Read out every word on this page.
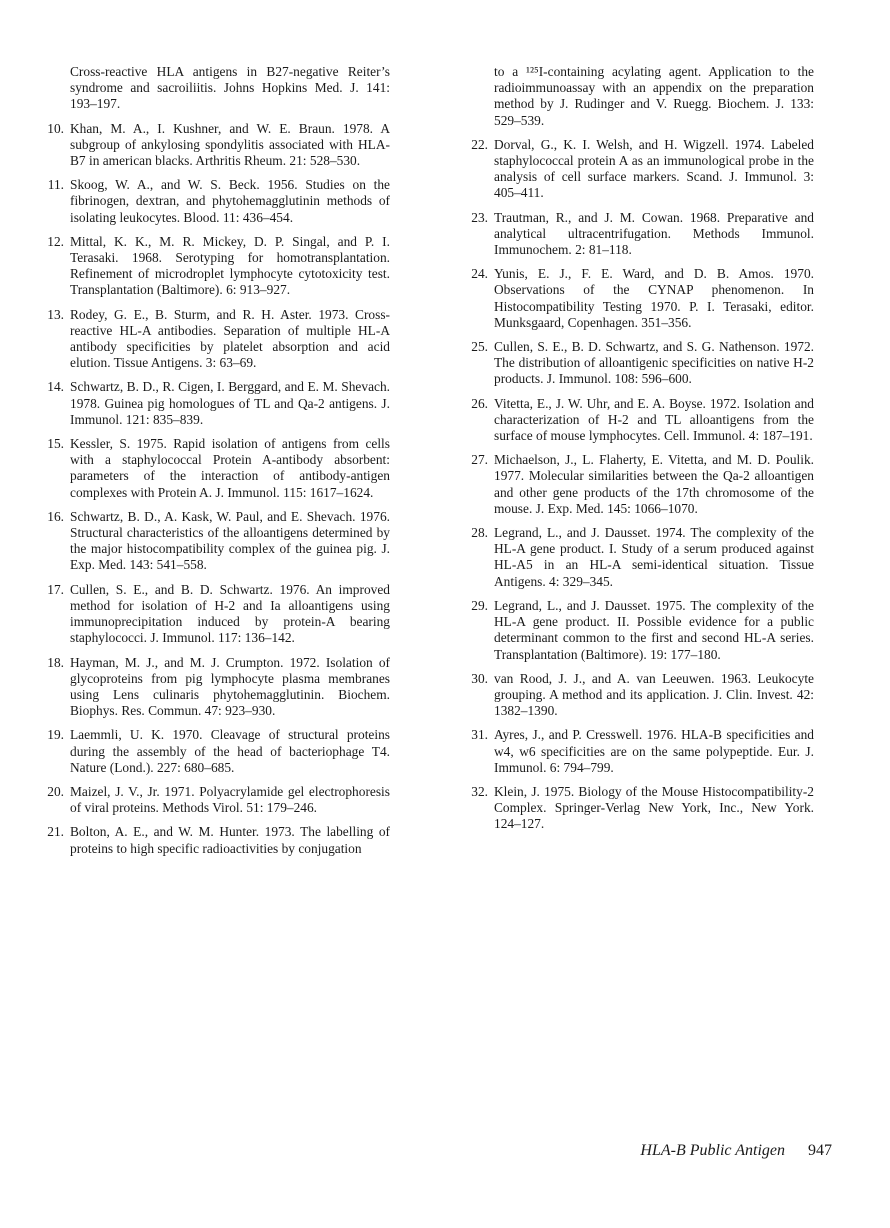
Cross-reactive HLA antigens in B27-negative Reiter’s syndrome and sacroiliitis. Johns Hopkins Med. J. 141: 193–197.
10. Khan, M. A., I. Kushner, and W. E. Braun. 1978. A subgroup of ankylosing spondylitis associated with HLA-B7 in american blacks. Arthritis Rheum. 21: 528–530.
11. Skoog, W. A., and W. S. Beck. 1956. Studies on the fibrinogen, dextran, and phytohemagglutinin methods of isolating leukocytes. Blood. 11: 436–454.
12. Mittal, K. K., M. R. Mickey, D. P. Singal, and P. I. Terasaki. 1968. Serotyping for homotransplantation. Refinement of microdroplet lymphocyte cytotoxicity test. Transplantation (Baltimore). 6: 913–927.
13. Rodey, G. E., B. Sturm, and R. H. Aster. 1973. Cross-reactive HL-A antibodies. Separation of multiple HL-A antibody specificities by platelet absorption and acid elution. Tissue Antigens. 3: 63–69.
14. Schwartz, B. D., R. Cigen, I. Berggard, and E. M. Shevach. 1978. Guinea pig homologues of TL and Qa-2 antigens. J. Immunol. 121: 835–839.
15. Kessler, S. 1975. Rapid isolation of antigens from cells with a staphylococcal Protein A-antibody absorbent: parameters of the interaction of antibody-antigen complexes with Protein A. J. Immunol. 115: 1617–1624.
16. Schwartz, B. D., A. Kask, W. Paul, and E. Shevach. 1976. Structural characteristics of the alloantigens determined by the major histocompatibility complex of the guinea pig. J. Exp. Med. 143: 541–558.
17. Cullen, S. E., and B. D. Schwartz. 1976. An improved method for isolation of H-2 and Ia alloantigens using immunoprecipitation induced by protein-A bearing staphylococci. J. Immunol. 117: 136–142.
18. Hayman, M. J., and M. J. Crumpton. 1972. Isolation of glycoproteins from pig lymphocyte plasma membranes using Lens culinaris phytohemagglutinin. Biochem. Biophys. Res. Commun. 47: 923–930.
19. Laemmli, U. K. 1970. Cleavage of structural proteins during the assembly of the head of bacteriophage T4. Nature (Lond.). 227: 680–685.
20. Maizel, J. V., Jr. 1971. Polyacrylamide gel electrophoresis of viral proteins. Methods Virol. 51: 179–246.
21. Bolton, A. E., and W. M. Hunter. 1973. The labelling of proteins to high specific radioactivities by conjugation
to a ¹²⁵I-containing acylating agent. Application to the radioimmunoassay with an appendix on the preparation method by J. Rudinger and V. Ruegg. Biochem. J. 133: 529–539.
22. Dorval, G., K. I. Welsh, and H. Wigzell. 1974. Labeled staphylococcal protein A as an immunological probe in the analysis of cell surface markers. Scand. J. Immunol. 3: 405–411.
23. Trautman, R., and J. M. Cowan. 1968. Preparative and analytical ultracentrifugation. Methods Immunol. Immunochem. 2: 81–118.
24. Yunis, E. J., F. E. Ward, and D. B. Amos. 1970. Observations of the CYNAP phenomenon. In Histocompatibility Testing 1970. P. I. Terasaki, editor. Munksgaard, Copenhagen. 351–356.
25. Cullen, S. E., B. D. Schwartz, and S. G. Nathenson. 1972. The distribution of alloantigenic specificities on native H-2 products. J. Immunol. 108: 596–600.
26. Vitetta, E., J. W. Uhr, and E. A. Boyse. 1972. Isolation and characterization of H-2 and TL alloantigens from the surface of mouse lymphocytes. Cell. Immunol. 4: 187–191.
27. Michaelson, J., L. Flaherty, E. Vitetta, and M. D. Poulik. 1977. Molecular similarities between the Qa-2 alloantigen and other gene products of the 17th chromosome of the mouse. J. Exp. Med. 145: 1066–1070.
28. Legrand, L., and J. Dausset. 1974. The complexity of the HL-A gene product. I. Study of a serum produced against HL-A5 in an HL-A semi-identical situation. Tissue Antigens. 4: 329–345.
29. Legrand, L., and J. Dausset. 1975. The complexity of the HL-A gene product. II. Possible evidence for a public determinant common to the first and second HL-A series. Transplantation (Baltimore). 19: 177–180.
30. van Rood, J. J., and A. van Leeuwen. 1963. Leukocyte grouping. A method and its application. J. Clin. Invest. 42: 1382–1390.
31. Ayres, J., and P. Cresswell. 1976. HLA-B specificities and w4, w6 specificities are on the same polypeptide. Eur. J. Immunol. 6: 794–799.
32. Klein, J. 1975. Biology of the Mouse Histocompatibility-2 Complex. Springer-Verlag New York, Inc., New York. 124–127.
HLA-B Public Antigen 947
